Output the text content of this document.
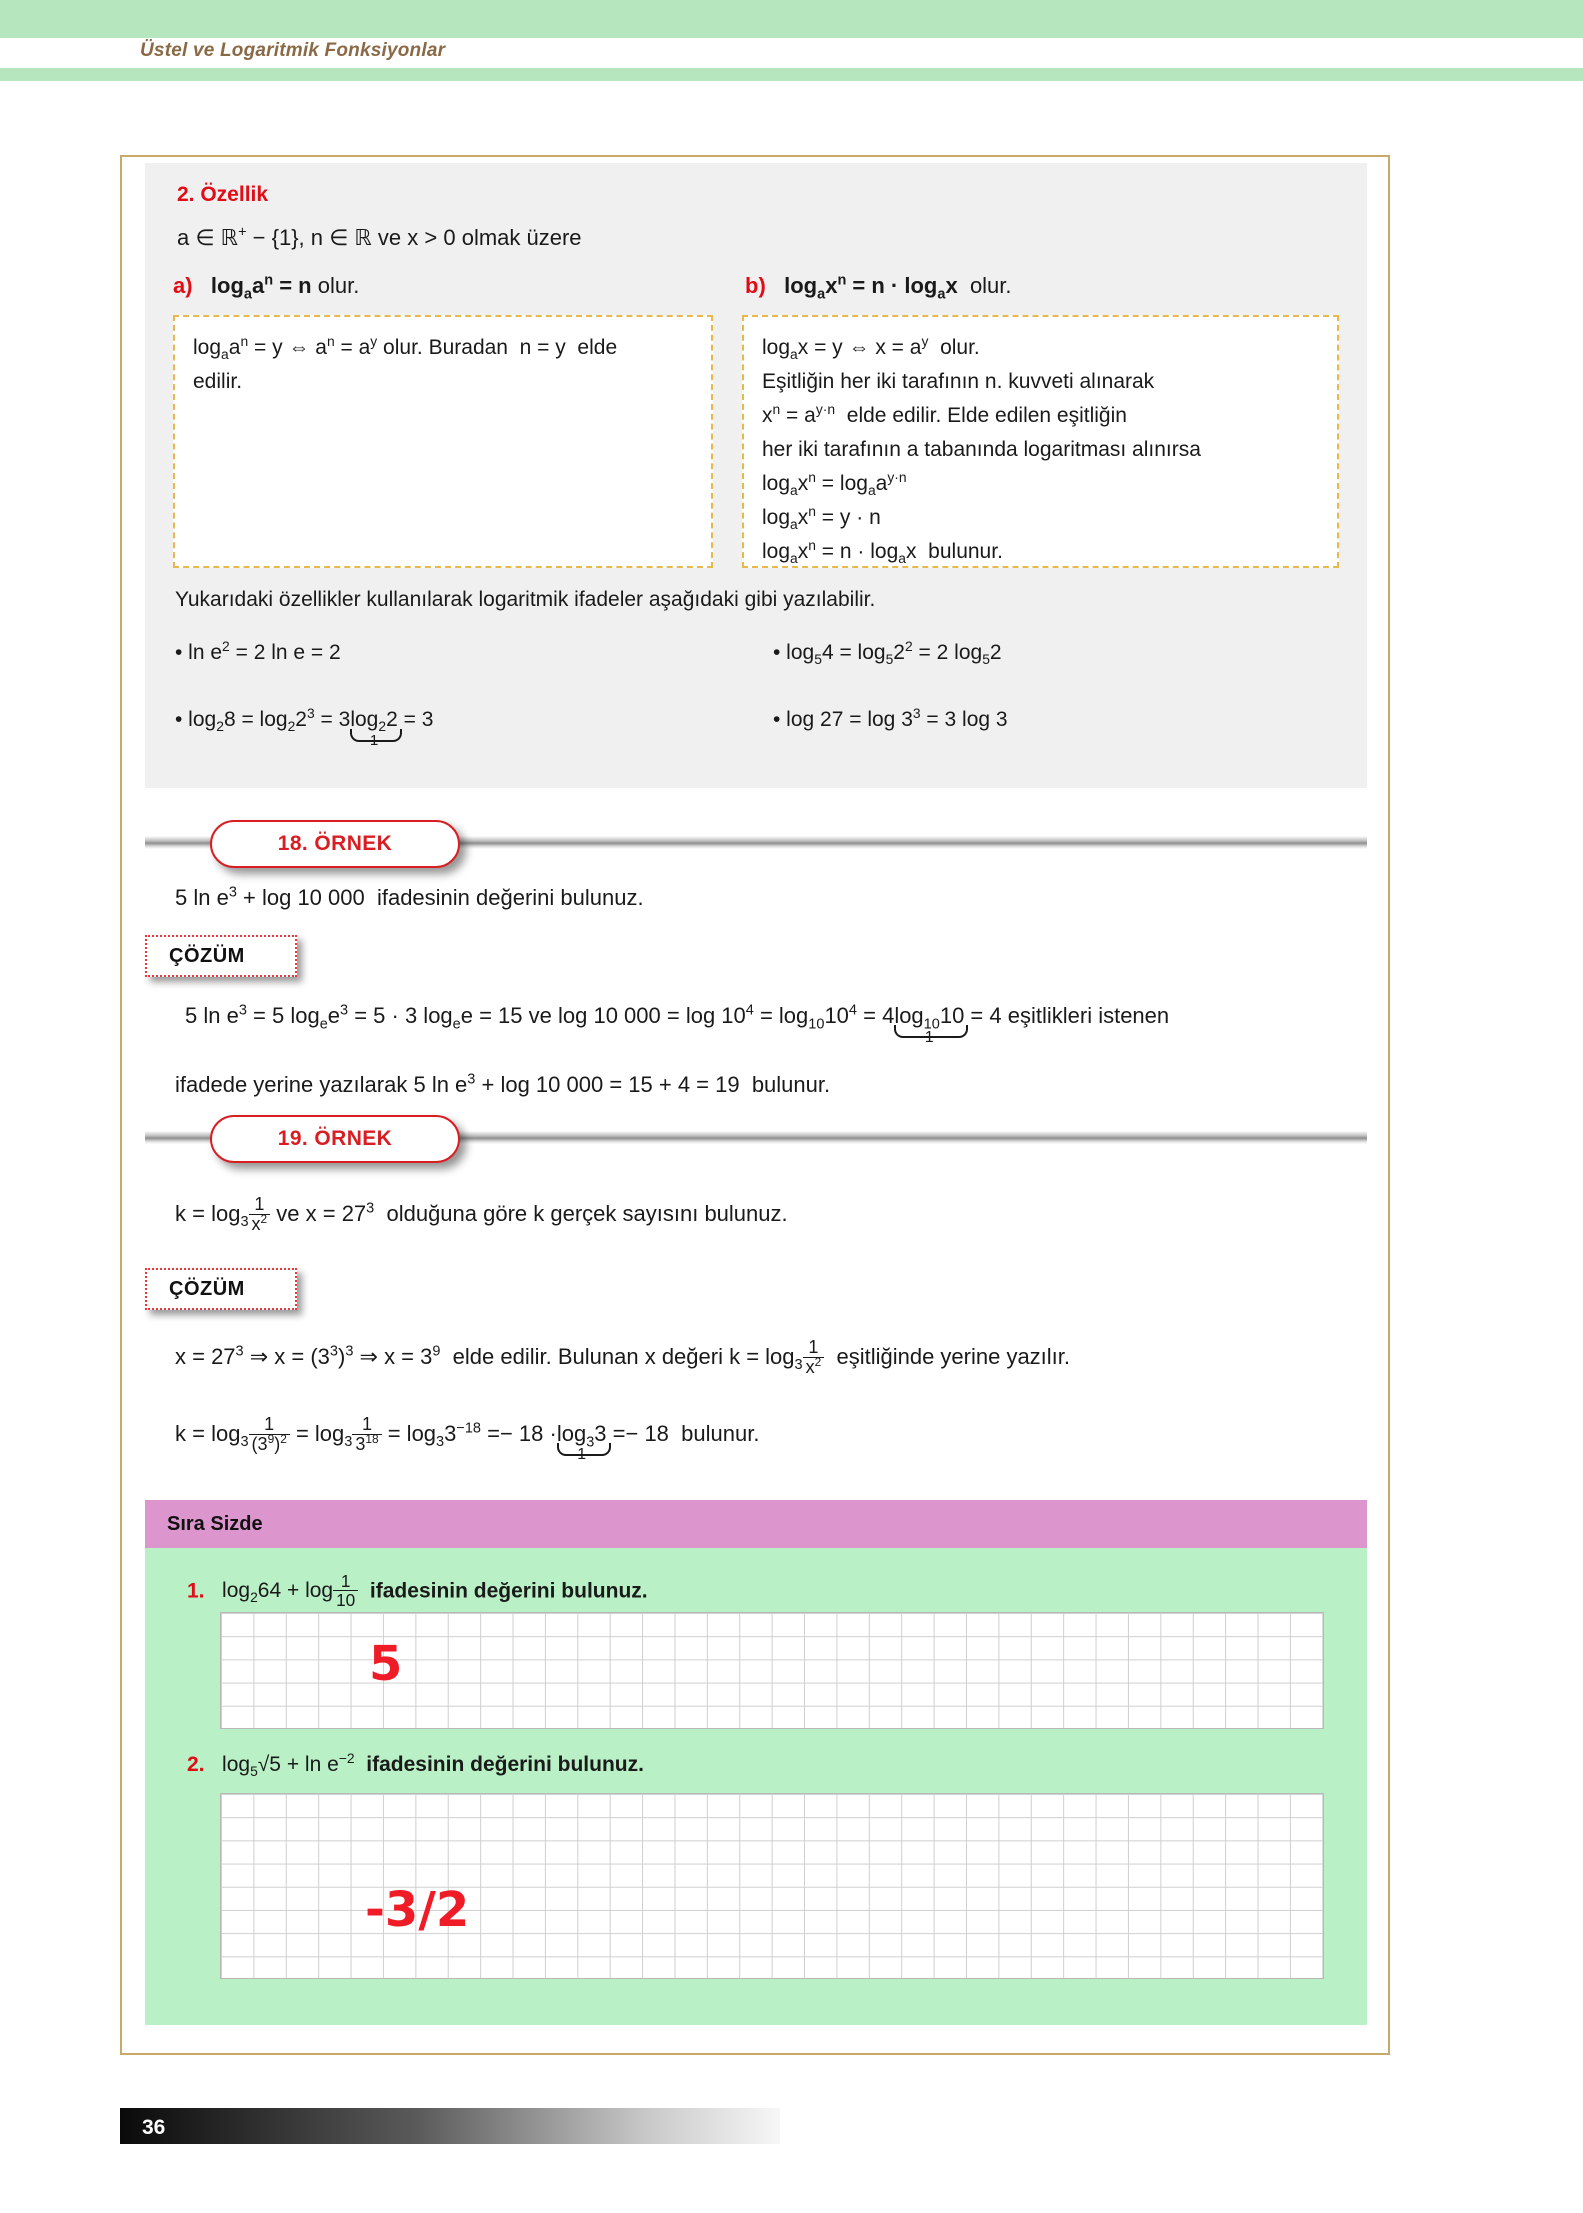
Üstel ve Logaritmik Fonksiyonlar
2. Özellik
a ∈ ℝ+ − {1}, n ∈ ℝ ve x > 0 olmak üzere
a) $\log_aa^n = n$ olur.	b) $\log_ax^n = n \cdot \log_ax$ olur.
$\log_aa^n = y$ ⇔ $a^n = a^y$ olur. Buradan  n = y  elde
edilir.
$\log_ax = y$ ⇔ $x = a^y$  olur.
Eşitliğin her iki tarafının n. kuvveti alınarak
$x^n = a^{y\cdot n}$  elde edilir. Elde edilen eşitliğin
her iki tarafının a tabanında logaritması alınırsa
$\log_ax^n = \log_aa^{y\cdot n}$
$\log_ax^n = y \cdot n$
$\log_ax^n = n \cdot \log_ax$  bulunur.
Yukarıdaki özellikler kullanılarak logaritmik ifadeler aşağıdaki gibi yazılabilir.
• $\ln e^2 = 2$ ln e = 2	• $\log_54 = \log_52^2 = 2$ $\log_52$
• $\log_28 = \log_22^3 = 3\log_22$
1
= 3	• $\log 27 = \log 3^3 = 3$ log 3
18. ÖRNEK
5 $\ln e^3 + \log 10$ 000  ifadesinin değerini bulunuz.
ÇÖZÜM
5 $\ln e^3 = 5$ $\log_ee^3 = 5 \cdot 3$ $\log_ee = 15$ ve log 10 $000 = \log 10^4 = \log_{10}10^4 = 4\log_{10}10$
1
= 4 eşitlikleri istenen
ifadede yerine yazılarak 5 $\ln e^3 + \log 10$ 000 = 15 + 4 = 19  bulunur.
19. ÖRNEK
$k = \log_3 \frac{1}{x^2}$ ve $x = 27^3$  olduğuna göre k gerçek sayısını bulunuz.
ÇÖZÜM
$x = 27^3$ ⇒ $x = (3^3)^3$ ⇒ $x = 3^9$  elde edilir. Bulunan x değeri $k = \log_3 \frac{1}{x^2}$ eşitliğinde yerine yazılır.
$k = \log_3 \frac{1}{(3^9)^2} = \log_3 \frac{1}{3^{18}} = \log_33^{-18} =- 18 \cdot\log_33$
1
=− 18  bulunur.
Sıra Sizde
1. $\log_264 + \log \frac{1}{10}$ ifadesinin değerini bulunuz.
5
2. $\log_5√5 + \ln e^{-2}$  ifadesinin değerini bulunuz.
-3/2
36
